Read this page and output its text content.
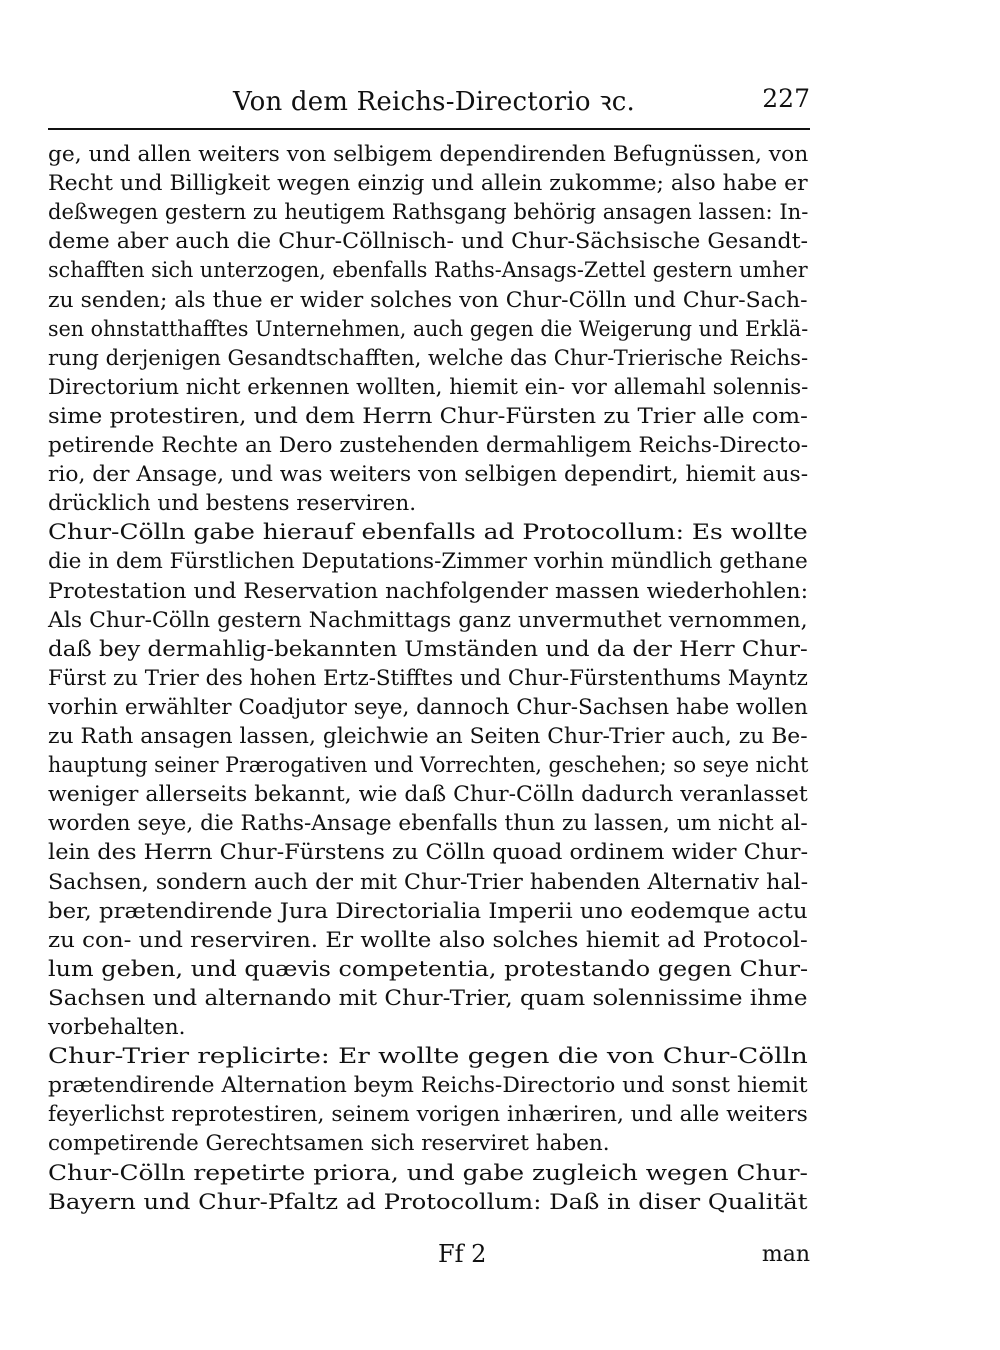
Von dem Reichs-Directorio ꝛc.	227
ge, und allen weiters von selbigem dependirenden Befugnüssen, von
Recht und Billigkeit wegen einzig und allein zukomme; also habe er
deßwegen gestern zu heutigem Rathsgang behörig ansagen lassen: In-
deme aber auch die Chur-Cöllnisch- und Chur-Sächsische Gesandt-
schafften sich unterzogen, ebenfalls Raths-Ansags-Zettel gestern umher
zu senden; als thue er wider solches von Chur-Cölln und Chur-Sach-
sen ohnstatthafftes Unternehmen, auch gegen die Weigerung und Erklä-
rung derjenigen Gesandtschafften, welche das Chur-Trierische Reichs-
Directorium nicht erkennen wollten, hiemit ein- vor allemahl solennis-
sime protestiren, und dem Herrn Chur-Fürsten zu Trier alle com-
petirende Rechte an Dero zustehenden dermahligem Reichs-Directo-
rio, der Ansage, und was weiters von selbigen dependirt, hiemit aus-
drücklich und bestens reserviren.
Chur-Cölln gabe hierauf ebenfalls ad Protocollum: Es wollte
die in dem Fürstlichen Deputations-Zimmer vorhin mündlich gethane
Protestation und Reservation nachfolgender massen wiederhohlen:
Als Chur-Cölln gestern Nachmittags ganz unvermuthet vernommen,
daß bey dermahlig-bekannten Umständen und da der Herr Chur-
Fürst zu Trier des hohen Ertz-Stifftes und Chur-Fürstenthums Mayntz
vorhin erwählter Coadjutor seye, dannoch Chur-Sachsen habe wollen
zu Rath ansagen lassen, gleichwie an Seiten Chur-Trier auch, zu Be-
hauptung seiner Prærogativen und Vorrechten, geschehen; so seye nicht
weniger allerseits bekannt, wie daß Chur-Cölln dadurch veranlasset
worden seye, die Raths-Ansage ebenfalls thun zu lassen, um nicht al-
lein des Herrn Chur-Fürstens zu Cölln quoad ordinem wider Chur-
Sachsen, sondern auch der mit Chur-Trier habenden Alternativ hal-
ber, prætendirende Jura Directorialia Imperii uno eodemque actu
zu con- und reserviren. Er wollte also solches hiemit ad Protocol-
lum geben, und quævis competentia, protestando gegen Chur-
Sachsen und alternando mit Chur-Trier, quam solennissime ihme
vorbehalten.
Chur-Trier replicirte: Er wollte gegen die von Chur-Cölln
prætendirende Alternation beym Reichs-Directorio und sonst hiemit
feyerlichst reprotestiren, seinem vorigen inhæriren, und alle weiters
competirende Gerechtsamen sich reserviret haben.
Chur-Cölln repetirte priora, und gabe zugleich wegen Chur-
Bayern und Chur-Pfaltz ad Protocollum: Daß in diser Qualität
Ff 2	man
